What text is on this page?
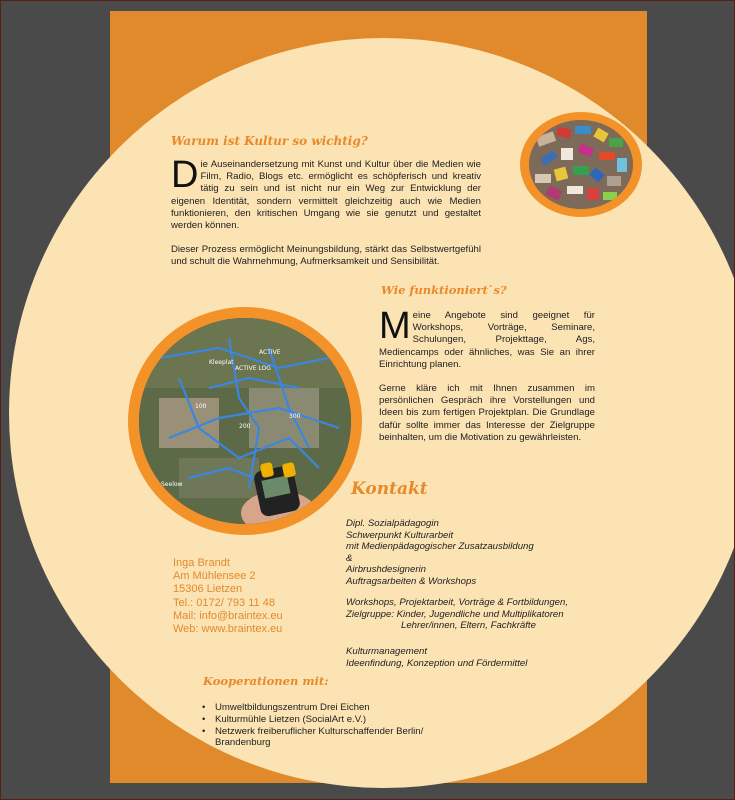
Warum ist Kultur so wichtig?

Die Auseinandersetzung mit Kunst und Kultur über die Medien wie Film, Radio, Blogs etc. ermöglicht es schöpferisch und kreativ tätig zu sein und ist nicht nur ein Weg zur Entwicklung der eigenen Identität, sondern vermittelt gleichzeitig auch wie Medien funktionieren, den kritischen Umgang wie sie genutzt und gestaltet werden können.

Dieser Prozess ermöglicht Meinungsbildung, stärkt das Selbstwertgefühl und schult die Wahrnehmung, Aufmerksamkeit und Sensibilität.

Wie funktioniert`s?

Meine Angebote sind geeignet für Workshops, Vorträge, Seminare, Schulungen, Projekttage, Ags, Mediencamps oder ähnliches, was Sie an ihrer Einrichtung planen.

Gerne kläre ich mit Ihnen zusammen im persönlichen Gespräch ihre Vorstellungen und Ideen bis zum fertigen Projektplan. Die Grundlage dafür sollte immer das Interesse der Zielgruppe beinhalten, um die Motivation zu gewährleisten.

ACTIVE
ACTIVE LOG
Kleeplat
Seelow
100
200
300
Kontakt
Inga Brandt
Am Mühlensee 2
15306 Lietzen
Tel.: 0172/ 793 11 48
Mail: info@braintex.eu
Web: www.braintex.eu
Dipl. Sozialpädagogin
Schwerpunkt Kulturarbeit
mit Medienpädagogischer Zusatzausbildung
&
Airbrushdesignerin
Auftragsarbeiten & Workshops
Workshops, Projektarbeit, Vorträge & Fortbildungen,
Zielgruppe: Kinder, Jugendliche und Multiplikatoren
Lehrer/innen, Eltern, Fachkräfte
Kulturmanagement
Ideenfindung, Konzeption und Fördermittel
Kooperationen mit:
• Umweltbildungszentrum Drei Eichen
• Kulturmühle Lietzen (SocialArt e.V.)
• Netzwerk freiberuflicher Kulturschaffender Berlin/ Brandenburg
